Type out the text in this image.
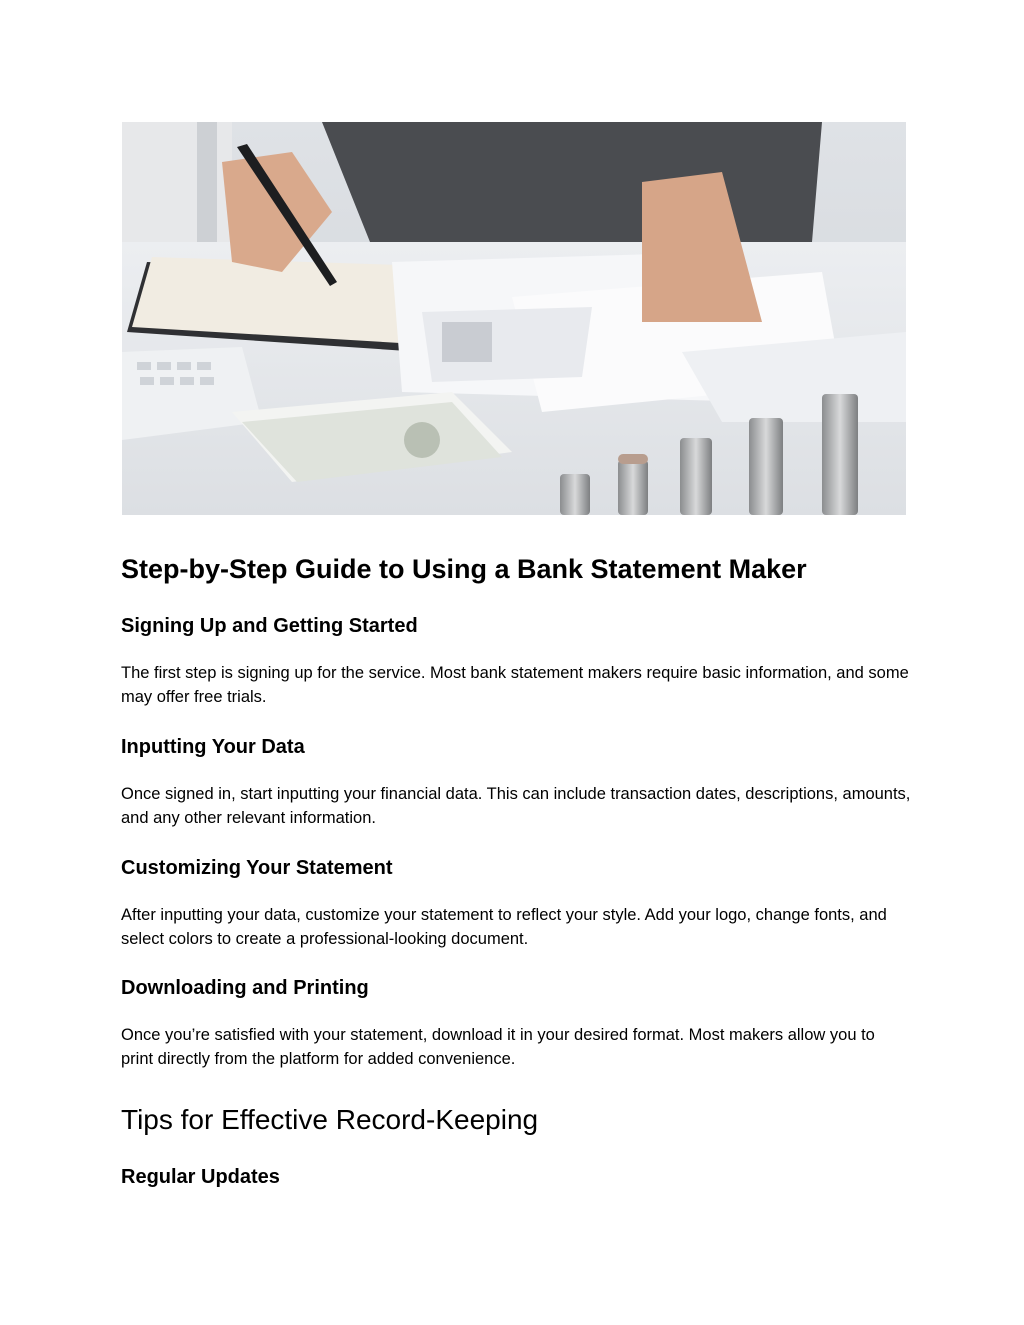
Step-by-Step Guide to Using a Bank Statement Maker
Signing Up and Getting Started

The first step is signing up for the service. Most bank statement makers require basic information, and some may offer free trials.

Inputting Your Data

Once signed in, start inputting your financial data. This can include transaction dates, descriptions, amounts, and any other relevant information.

Customizing Your Statement

After inputting your data, customize your statement to reflect your style. Add your logo, change fonts, and select colors to create a professional-looking document.

Downloading and Printing

Once you’re satisfied with your statement, download it in your desired format. Most makers allow you to print directly from the platform for added convenience.

Tips for Effective Record-Keeping
Regular Updates
